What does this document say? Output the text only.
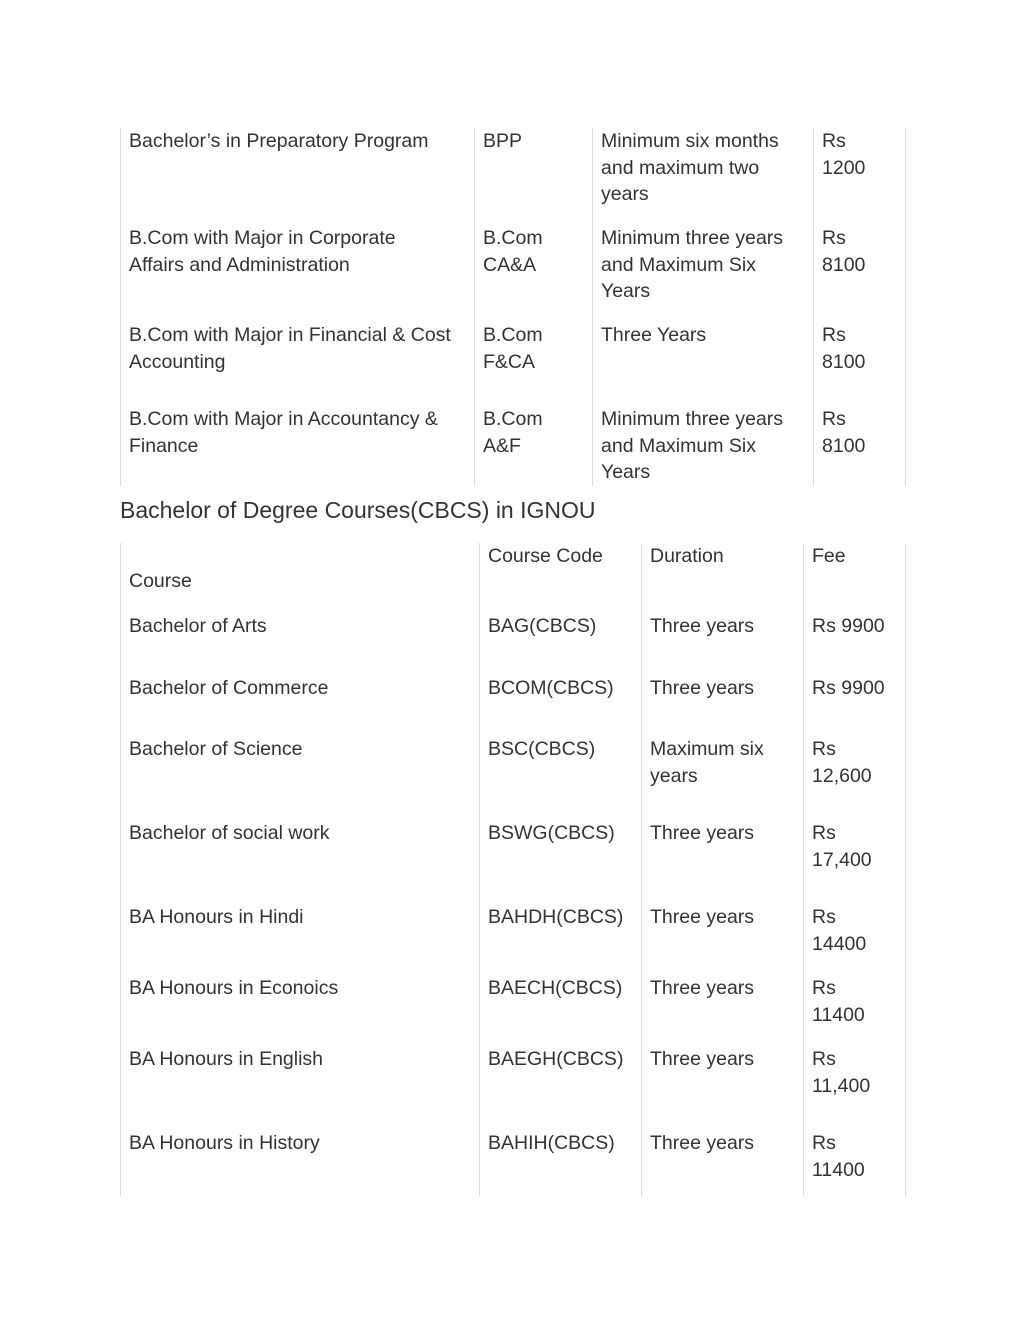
Bachelor’s in Preparatory Program	BPP	Minimum six months
and maximum two
years	Rs
1200
B.Com with Major in Corporate
Affairs and Administration	B.Com
CA&A	Minimum three years
and Maximum Six
Years	Rs
8100
B.Com with Major in Financial & Cost
Accounting	B.Com
F&CA	Three Years	Rs
8100
B.Com with Major in Accountancy &
Finance	B.Com
A&F	Minimum three years
and Maximum Six
Years	Rs
8100
Bachelor of Degree Courses(CBCS) in IGNOU
Course	Course Code	Duration	Fee
Bachelor of Arts	BAG(CBCS)	Three years	Rs 9900
Bachelor of Commerce	BCOM(CBCS)	Three years	Rs 9900
Bachelor of Science	BSC(CBCS)	Maximum six
years	Rs
12,600
Bachelor of social work	BSWG(CBCS)	Three years	Rs
17,400
BA Honours in Hindi	BAHDH(CBCS)	Three years	Rs
14400
BA Honours in Econoics	BAECH(CBCS)	Three years	Rs
11400
BA Honours in English	BAEGH(CBCS)	Three years	Rs
11,400
BA Honours in History	BAHIH(CBCS)	Three years	Rs
11400
